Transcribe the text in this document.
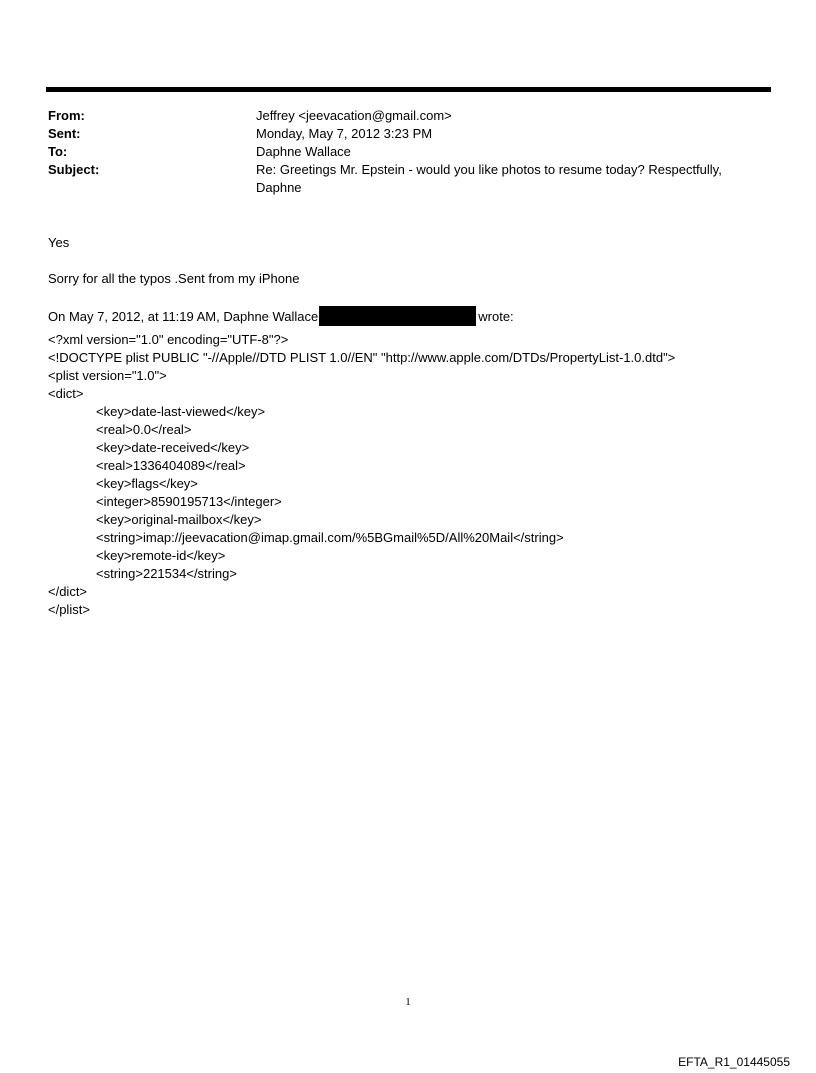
From:	Jeffrey <jeevacation@gmail.com>
Sent:	Monday, May 7, 2012 3:23 PM
To:	Daphne Wallace
Subject:	Re: Greetings Mr. Epstein - would you like photos to resume today? Respectfully, Daphne
Yes
Sorry for all the typos .Sent from my iPhone
On May 7, 2012, at 11:19 AM, Daphne Wallace	wrote:
<?xml version="1.0" encoding="UTF-8"?>
<!DOCTYPE plist PUBLIC "-//Apple//DTD PLIST 1.0//EN" "http://www.apple.com/DTDs/PropertyList-1.0.dtd">
<plist version="1.0">
<dict>
<key>date-last-viewed</key>
<real>0.0</real>
<key>date-received</key>
<real>1336404089</real>
<key>flags</key>
<integer>8590195713</integer>
<key>original-mailbox</key>
<string>imap://jeevacation@imap.gmail.com/%5BGmail%5D/All%20Mail</string>
<key>remote-id</key>
<string>221534</string>
</dict>
</plist>
1
EFTA_R1_01445055
